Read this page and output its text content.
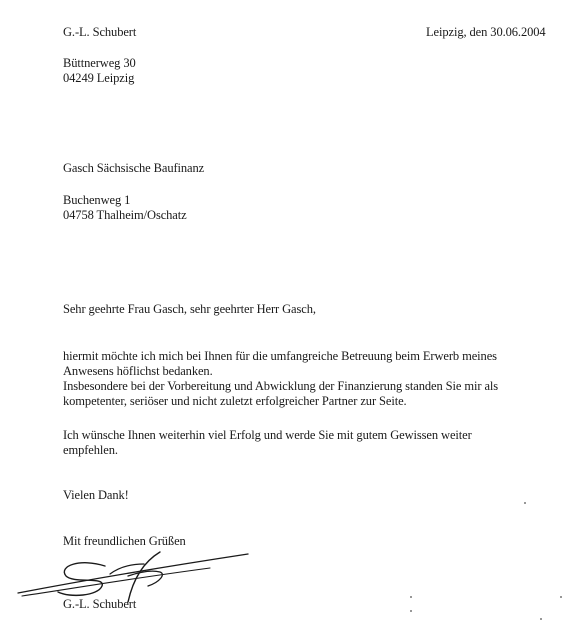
G.-L. Schubert	Leipzig, den 30.06.2004
Büttnerweg 30
04249 Leipzig
Gasch Sächsische Baufinanz
Buchenweg 1
04758 Thalheim/Oschatz
Sehr geehrte Frau Gasch, sehr geehrter Herr Gasch,
hiermit möchte ich mich bei Ihnen für die umfangreiche Betreuung beim Erwerb meines
Anwesens höflichst bedanken.
Insbesondere bei der Vorbereitung und Abwicklung der Finanzierung standen Sie mir als
kompetenter, seriöser und nicht zuletzt erfolgreicher Partner zur Seite.
Ich wünsche Ihnen weiterhin viel Erfolg und werde Sie mit gutem Gewissen weiter
empfehlen.
Vielen Dank!
Mit freundlichen Grüßen
G.-L. Schubert
